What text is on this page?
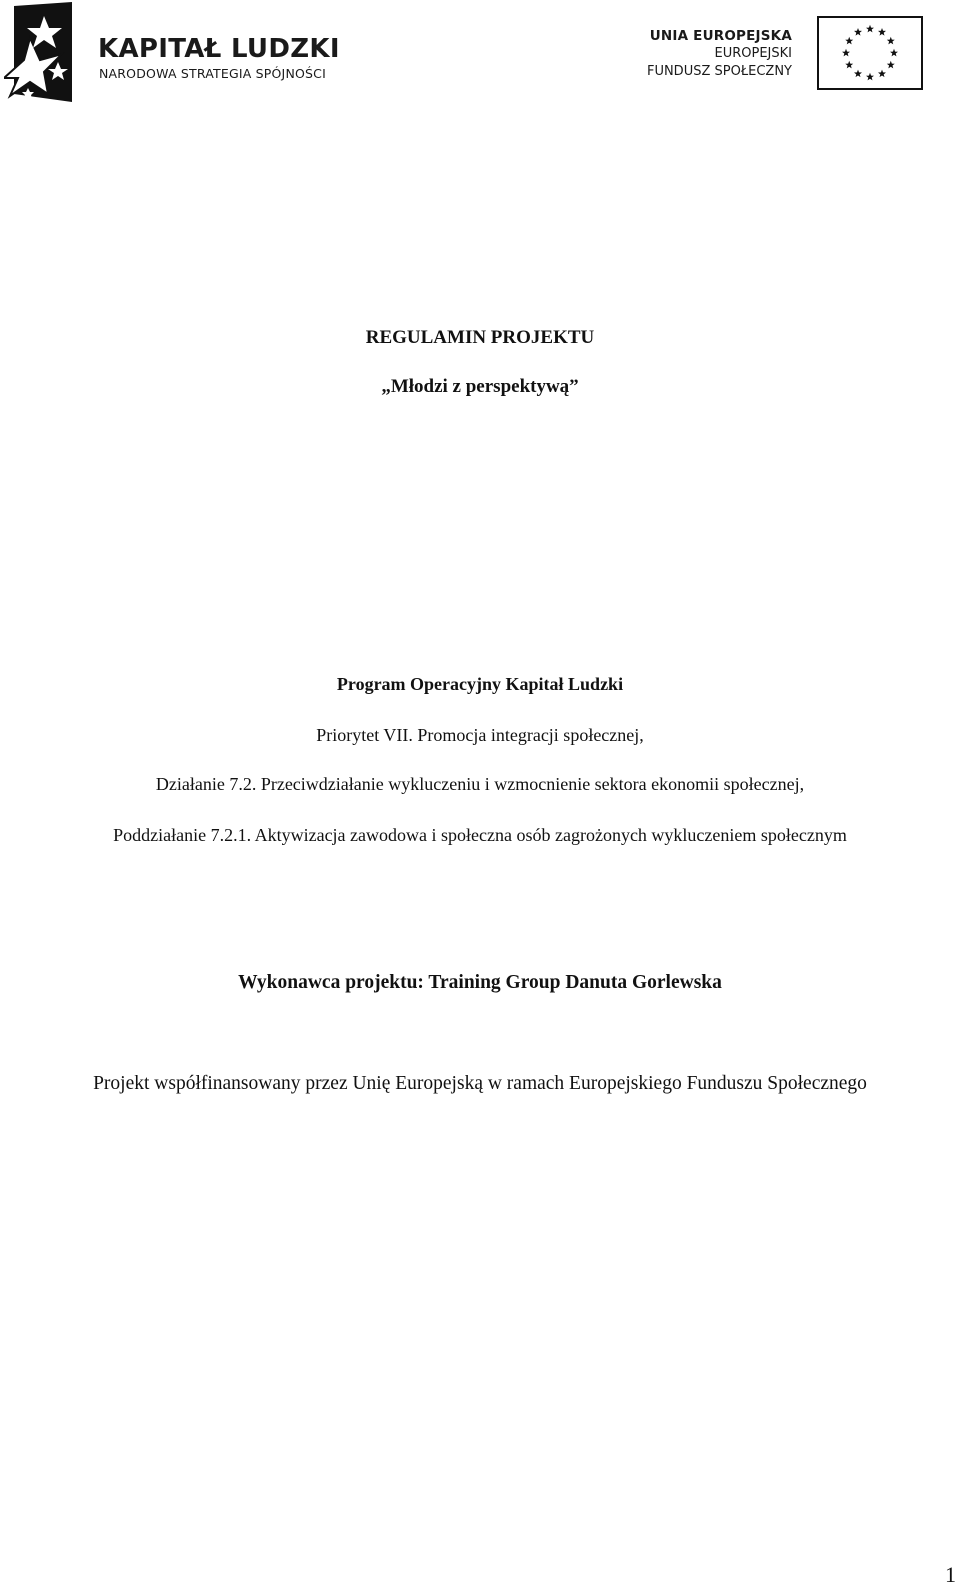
KAPITAŁ LUDZKI
NARODOWA STRATEGIA SPÓJNOŚCI
UNIA EUROPEJSKA
EUROPEJSKI
FUNDUSZ SPOŁECZNY
REGULAMIN PROJEKTU
„Młodzi z perspektywą”
Program Operacyjny Kapitał Ludzki
Priorytet VII. Promocja integracji społecznej,
Działanie 7.2. Przeciwdziałanie wykluczeniu i wzmocnienie sektora ekonomii społecznej,
Poddziałanie 7.2.1. Aktywizacja zawodowa i społeczna osób zagrożonych wykluczeniem społecznym
Wykonawca projektu: Training Group Danuta Gorlewska
Projekt współfinansowany przez Unię Europejską w ramach Europejskiego Funduszu Społecznego
1
